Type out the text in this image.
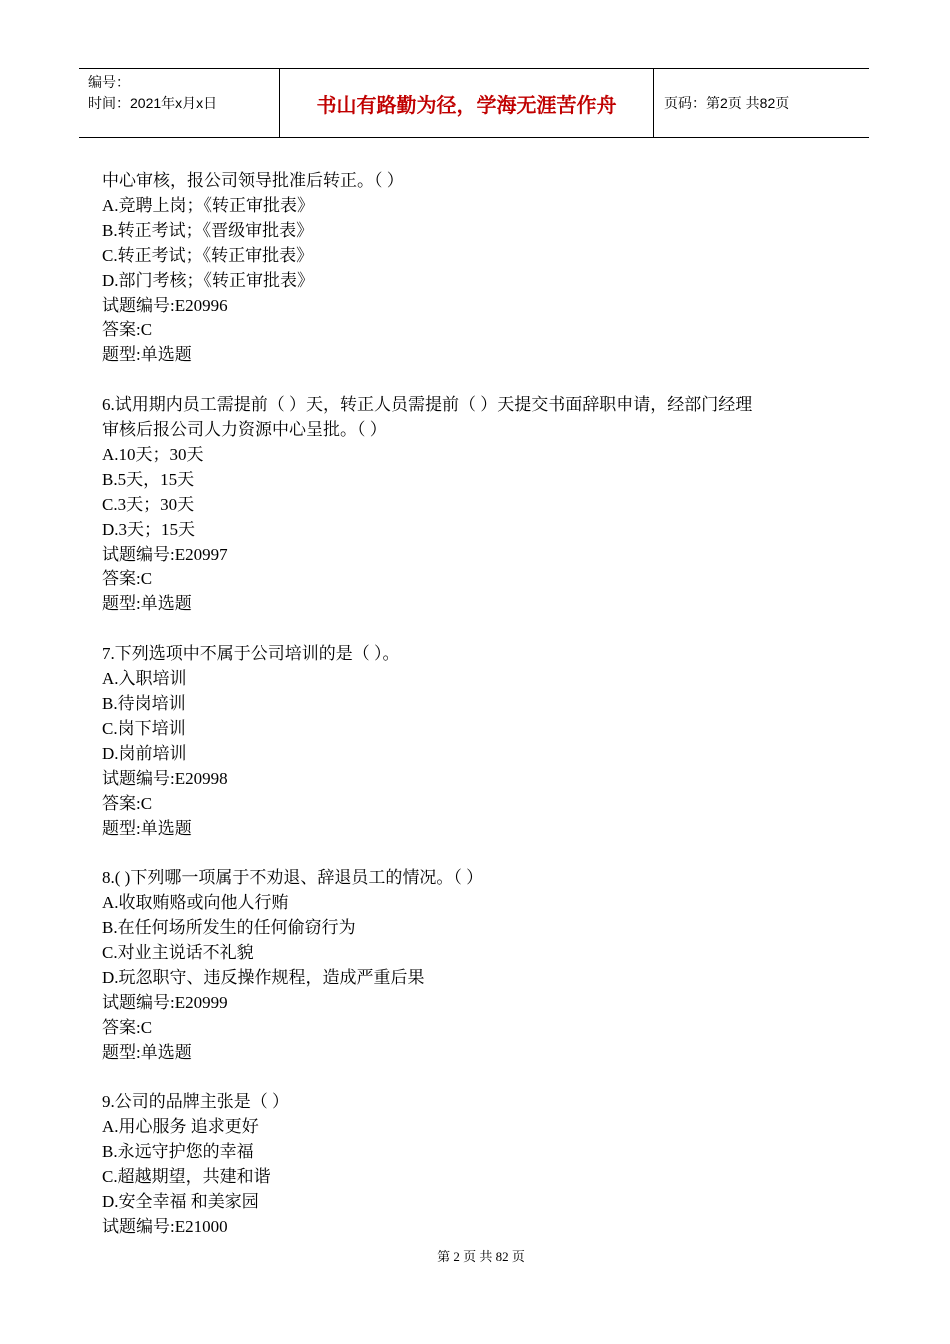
编号：
时间：2021年x月x日	书山有路勤为径，学海无涯苦作舟	页码：第2页 共82页
中心审核，报公司领导批准后转正。（ ）
A.竞聘上岗；《转正审批表》
B.转正考试；《晋级审批表》
C.转正考试；《转正审批表》
D.部门考核；《转正审批表》
试题编号:E20996
答案:C
题型:单选题
6.试用期内员工需提前（ ）天，转正人员需提前（ ）天提交书面辞职申请，经部门经理
审核后报公司人力资源中心呈批。（ ）
A.10天；30天
B.5天，15天
C.3天；30天
D.3天；15天
试题编号:E20997
答案:C
题型:单选题
7.下列选项中不属于公司培训的是（ ）。
A.入职培训
B.待岗培训
C.岗下培训
D.岗前培训
试题编号:E20998
答案:C
题型:单选题
8.( )下列哪一项属于不劝退、辞退员工的情况。（ ）
A.收取贿赂或向他人行贿
B.在任何场所发生的任何偷窃行为
C.对业主说话不礼貌
D.玩忽职守、违反操作规程，造成严重后果
试题编号:E20999
答案:C
题型:单选题
9.公司的品牌主张是（ ）
A.用心服务 追求更好
B.永远守护您的幸福
C.超越期望，共建和谐
D.安全幸福 和美家园
试题编号:E21000
第 2 页 共 82 页
